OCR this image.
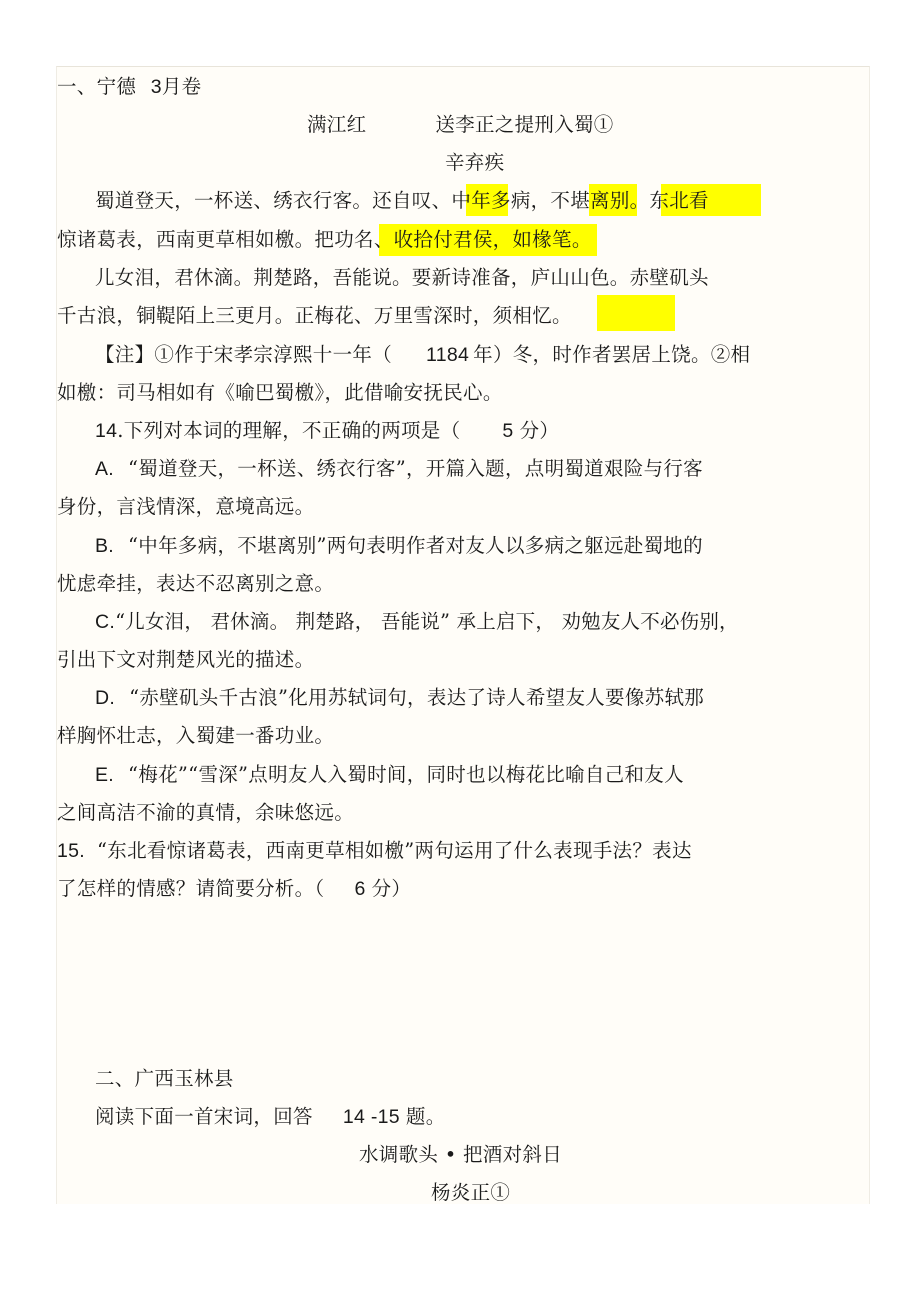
一、宁德 3月卷
满江红	送李正之提刑入蜀①
辛弃疾
蜀道登天，一杯送、绣衣行客。还自叹、中年多病，不堪离别。东北看
惊诸葛表，西南更草相如檄。把功名、收拾付君侯，如椽笔。
儿女泪，君休滴。荆楚路，吾能说。要新诗准备，庐山山色。赤壁矶头
千古浪，铜鞮陌上三更月。正梅花、万里雪深时，须相忆。
【注】①作于宋孝宗淳熙十一年（ 1184 年）冬，时作者罢居上饶。②相
如檄：司马相如有《喻巴蜀檄》，此借喻安抚民心。
14.下列对本词的理解，不正确的两项是（ 5 分）
A. “蜀道登天，一杯送、绣衣行客”，开篇入题，点明蜀道艰险与行客
身份，言浅情深，意境高远。
B. “中年多病，不堪离别”两句表明作者对友人以多病之躯远赴蜀地的
忧虑牵挂，表达不忍离别之意。
C.“儿女泪， 君休滴。 荆楚路， 吾能说” 承上启下， 劝勉友人不必伤别，
引出下文对荆楚风光的描述。
D. “赤壁矶头千古浪”化用苏轼词句，表达了诗人希望友人要像苏轼那
样胸怀壮志，入蜀建一番功业。
E. “梅花”“雪深”点明友人入蜀时间，同时也以梅花比喻自己和友人
之间高洁不渝的真情，余味悠远。
15. “东北看惊诸葛表，西南更草相如檄”两句运用了什么表现手法？表达
了怎样的情感？请简要分析。（ 6 分）
二、广西玉林县
阅读下面一首宋词，回答 14 -15 题。
水调歌头 • 把酒对斜日
杨炎正①
